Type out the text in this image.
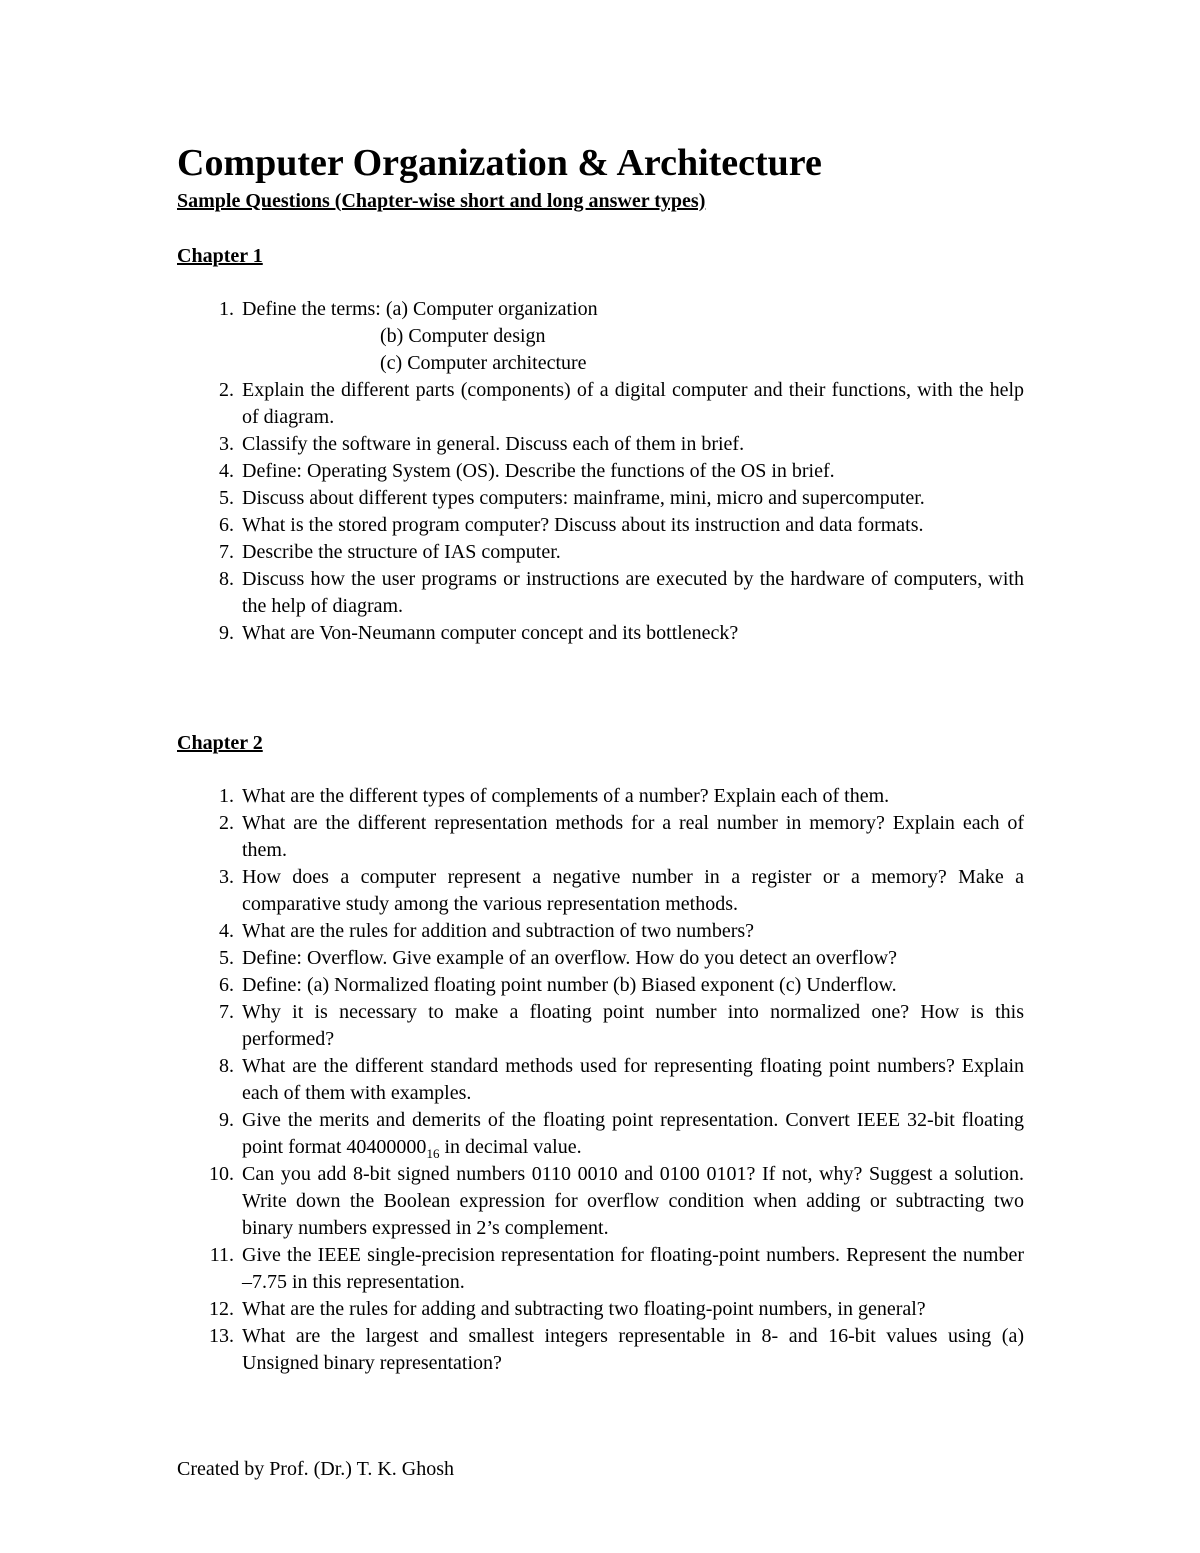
Computer Organization & Architecture
Sample Questions (Chapter-wise short and long answer types)
Chapter 1
1. Define the terms: (a) Computer organization
(b) Computer design
(c) Computer architecture
2. Explain the different parts (components) of a digital computer and their functions, with the help of diagram.
3. Classify the software in general. Discuss each of them in brief.
4. Define: Operating System (OS). Describe the functions of the OS in brief.
5. Discuss about different types computers: mainframe, mini, micro and supercomputer.
6. What is the stored program computer? Discuss about its instruction and data formats.
7. Describe the structure of IAS computer.
8. Discuss how the user programs or instructions are executed by the hardware of computers, with the help of diagram.
9. What are Von-Neumann computer concept and its bottleneck?
Chapter 2
1. What are the different types of complements of a number? Explain each of them.
2. What are the different representation methods for a real number in memory? Explain each of them.
3. How does a computer represent a negative number in a register or a memory? Make a comparative study among the various representation methods.
4. What are the rules for addition and subtraction of two numbers?
5. Define: Overflow. Give example of an overflow. How do you detect an overflow?
6. Define: (a) Normalized floating point number (b) Biased exponent (c) Underflow.
7. Why it is necessary to make a floating point number into normalized one? How is this performed?
8. What are the different standard methods used for representing floating point numbers? Explain each of them with examples.
9. Give the merits and demerits of the floating point representation. Convert IEEE 32-bit floating point format $40400000_{16}$ in decimal value.
10. Can you add 8-bit signed numbers 0110 0010 and 0100 0101? If not, why? Suggest a solution. Write down the Boolean expression for overflow condition when adding or subtracting two binary numbers expressed in 2’s complement.
11. Give the IEEE single-precision representation for floating-point numbers. Represent the number –7.75 in this representation.
12. What are the rules for adding and subtracting two floating-point numbers, in general?
13. What are the largest and smallest integers representable in 8- and 16-bit values using (a) Unsigned binary representation?
Created by Prof. (Dr.) T. K. Ghosh
